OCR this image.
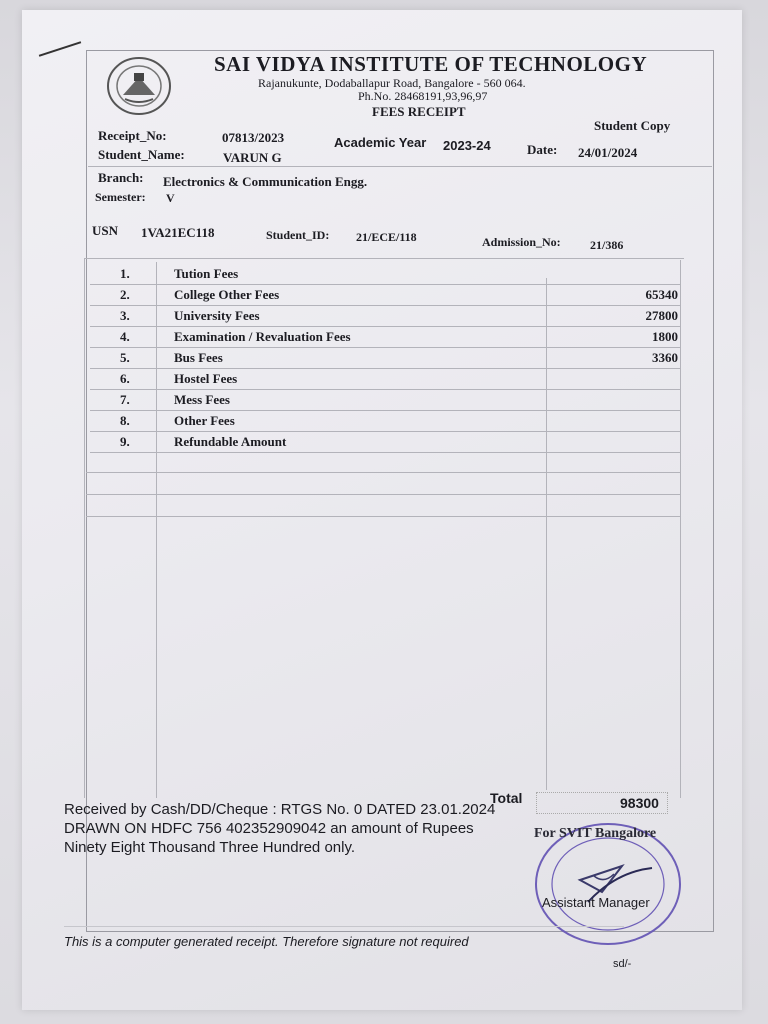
SAI VIDYA INSTITUTE OF TECHNOLOGY
Rajanukunte, Dodaballapur Road, Bangalore - 560 064.
Ph.No. 28468191,93,96,97
FEES RECEIPT
Student Copy
Receipt_No:	07813/2023	Academic Year 2023-24	Date: 24/01/2024
Student_Name:	VARUN G
Branch: Electronics & Communication Engg.
Semester: V
USN 1VA21EC118	Student_ID: 21/ECE/118	Admission_No: 21/386
1.	Tution Fees
2.	College Other Fees	65340
3.	University Fees	27800
4.	Examination / Revaluation Fees	1800
5.	Bus Fees	3360
6.	Hostel Fees
7.	Mess Fees
8.	Other Fees
9.	Refundable Amount
Total	98300
Received by Cash/DD/Cheque : RTGS No. 0 DATED 23.01.2024 DRAWN ON HDFC 756 402352909042 an amount of Rupees Ninety Eight Thousand Three Hundred only.
For SVIT Bangalore
Assistant Manager
This is a computer generated receipt. Therefore signature not required
sd/-
